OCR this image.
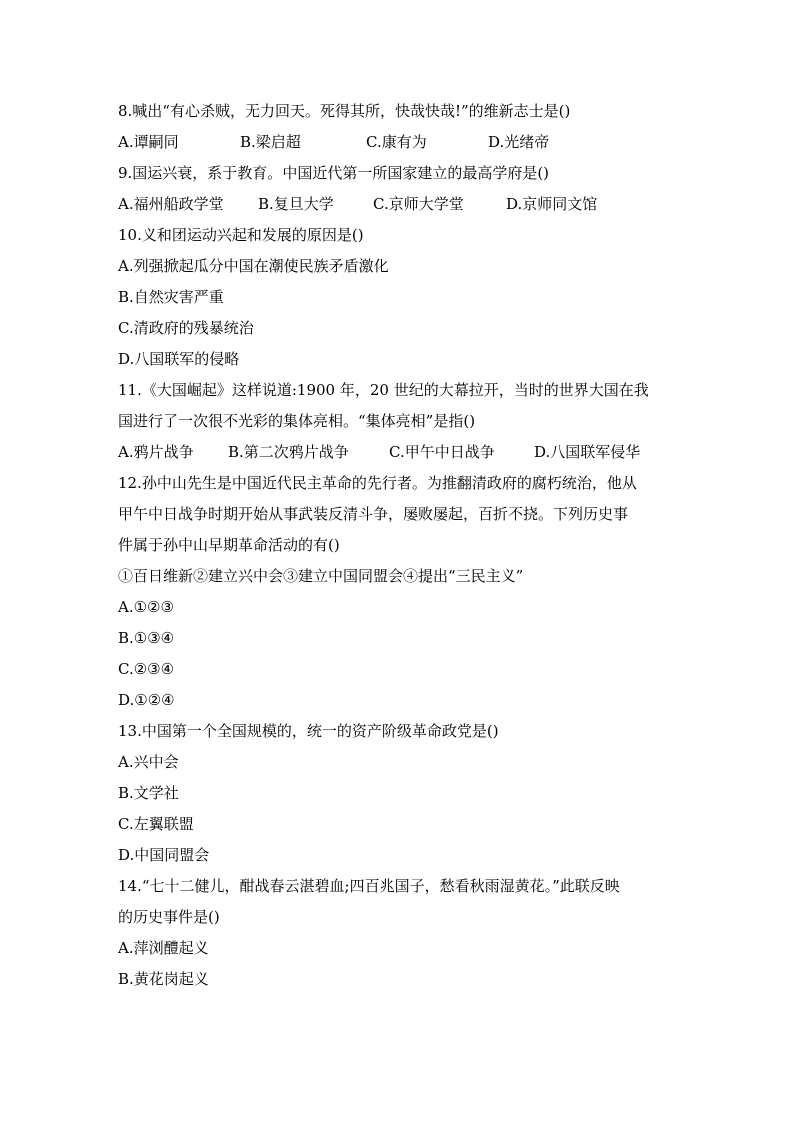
8.喊出“有心杀贼，无力回天。死得其所，快哉快哉!”的维新志士是()
A.谭嗣同	B.梁启超	C.康有为	D.光绪帝
9.国运兴衰，系于教育。中国近代第一所国家建立的最高学府是()
A.福州船政学堂	B.复旦大学	C.京师大学堂	D.京师同文馆
10.义和团运动兴起和发展的原因是()
A.列强掀起瓜分中国在潮使民族矛盾激化
B.自然灾害严重
C.清政府的残暴统治
D.八国联军的侵略
11.《大国崛起》这样说道:1900 年，20 世纪的大幕拉开，当时的世界大国在我
国进行了一次很不光彩的集体亮相。“集体亮相”是指()
A.鸦片战争	B.第二次鸦片战争	C.甲午中日战争	D.八国联军侵华
12.孙中山先生是中国近代民主革命的先行者。为推翻清政府的腐朽统治，他从
甲午中日战争时期开始从事武装反清斗争，屡败屡起，百折不挠。下列历史事
件属于孙中山早期革命活动的有()
①百日维新②建立兴中会③建立中国同盟会④提出“三民主义”
A.①②③
B.①③④
C.②③④
D.①②④
13.中国第一个全国规模的，统一的资产阶级革命政党是()
A.兴中会
B.文学社
C.左翼联盟
D.中国同盟会
14.“七十二健儿，酣战春云湛碧血;四百兆国子，愁看秋雨湿黄花。”此联反映
的历史事件是()
A.萍浏醴起义
B.黄花岗起义
